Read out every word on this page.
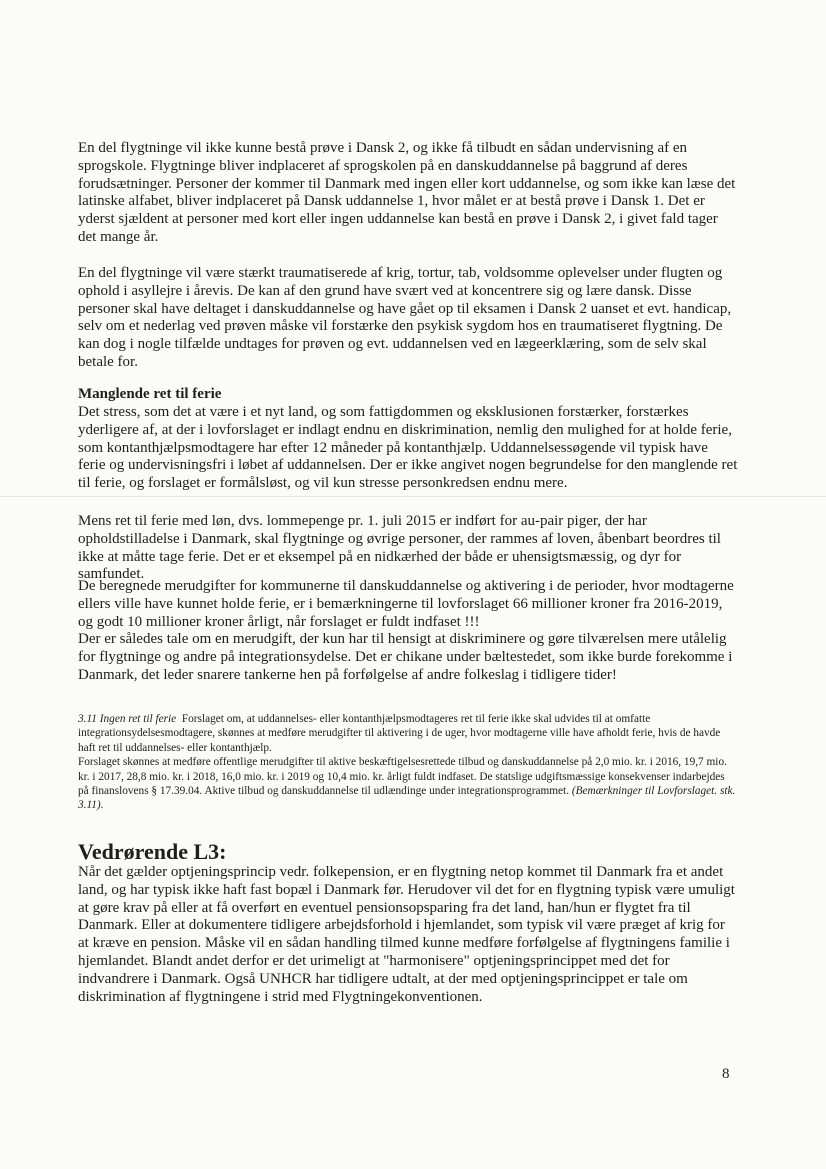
En del flygtninge vil ikke kunne bestå prøve i Dansk 2, og ikke få tilbudt en sådan undervisning af en sprogskole. Flygtninge bliver indplaceret af sprogskolen på en danskuddannelse på baggrund af deres forudsætninger. Personer der kommer til Danmark med ingen eller kort uddannelse, og som ikke kan læse det latinske alfabet, bliver indplaceret på Dansk uddannelse 1, hvor målet er at bestå prøve i Dansk 1. Det er yderst sjældent at personer med kort eller ingen uddannelse kan bestå en prøve i Dansk 2, i givet fald tager det mange år.

En del flygtninge vil være stærkt traumatiserede af krig, tortur, tab, voldsomme oplevelser under flugten og ophold i asyllejre i årevis. De kan af den grund have svært ved at koncentrere sig og lære dansk. Disse personer skal have deltaget i danskuddannelse og have gået op til eksamen i Dansk 2 uanset et evt. handicap, selv om et nederlag ved prøven måske vil forstærke den psykisk sygdom hos en traumatiseret flygtning. De kan dog i nogle tilfælde undtages for prøven og evt. uddannelsen ved en lægeerklæring, som de selv skal betale for.

Manglende ret til ferie

Det stress, som det at være i et nyt land, og som fattigdommen og eksklusionen forstærker, forstærkes yderligere af, at der i lovforslaget er indlagt endnu en diskrimination, nemlig den mulighed for at holde ferie, som kontanthjælpsmodtagere har efter 12 måneder på kontanthjælp. Uddannelsessøgende vil typisk have ferie og undervisningsfri i løbet af uddannelsen. Der er ikke angivet nogen begrundelse for den manglende ret til ferie, og forslaget er formålsløst, og vil kun stresse personkredsen endnu mere.

Mens ret til ferie med løn, dvs. lommepenge pr. 1. juli 2015 er indført for au-pair piger, der har opholdstilladelse i Danmark, skal flygtninge og øvrige personer, der rammes af loven, åbenbart beordres til ikke at måtte tage ferie. Det er et eksempel på en nidkærhed der både er uhensigtsmæssig, og dyr for samfundet.

De beregnede merudgifter for kommunerne til danskuddannelse og aktivering i de perioder, hvor modtagerne ellers ville have kunnet holde ferie, er i bemærkningerne til lovforslaget 66 millioner kroner fra 2016-2019, og godt 10 millioner kroner årligt, når forslaget er fuldt indfaset !!!

Der er således tale om en merudgift, der kun har til hensigt at diskriminere og gøre tilværelsen mere utålelig for flygtninge og andre på integrationsydelse. Det er chikane under bæltestedet, som ikke burde forekomme i Danmark, det leder snarere tankerne hen på forfølgelse af andre folkeslag i tidligere tider!

3.11 Ingen ret til ferie Forslaget om, at uddannelses- eller kontanthjælpsmodtageres ret til ferie ikke skal udvides til at omfatte integrationsydelsesmodtagere, skønnes at medføre merudgifter til aktivering i de uger, hvor modtagerne ville have afholdt ferie, hvis de havde haft ret til uddannelses- eller kontanthjælp.
Forslaget skønnes at medføre offentlige merudgifter til aktive beskæftigelsesrettede tilbud og danskuddannelse på 2,0 mio. kr. i 2016, 19,7 mio. kr. i 2017, 28,8 mio. kr. i 2018, 16,0 mio. kr. i 2019 og 10,4 mio. kr. årligt fuldt indfaset. De statslige udgiftsmæssige konsekvenser indarbejdes på finanslovens § 17.39.04. Aktive tilbud og danskuddannelse til udlændinge under integrationsprogrammet. (Bemærkninger til Lovforslaget. stk. 3.11).

Vedrørende L3:

Når det gælder optjeningsprincip vedr. folkepension, er en flygtning netop kommet til Danmark fra et andet land, og har typisk ikke haft fast bopæl i Danmark før. Herudover vil det for en flygtning typisk være umuligt at gøre krav på eller at få overført en eventuel pensionsopsparing fra det land, han/hun er flygtet fra til Danmark. Eller at dokumentere tidligere arbejdsforhold i hjemlandet, som typisk vil være præget af krig for at kræve en pension. Måske vil en sådan handling tilmed kunne medføre forfølgelse af flygtningens familie i hjemlandet. Blandt andet derfor er det urimeligt at "harmonisere" optjeningsprincippet med det for indvandrere i Danmark. Også UNHCR har tidligere udtalt, at der med optjeningsprincippet er tale om diskrimination af flygtningene i strid med Flygtningekonventionen.

8
